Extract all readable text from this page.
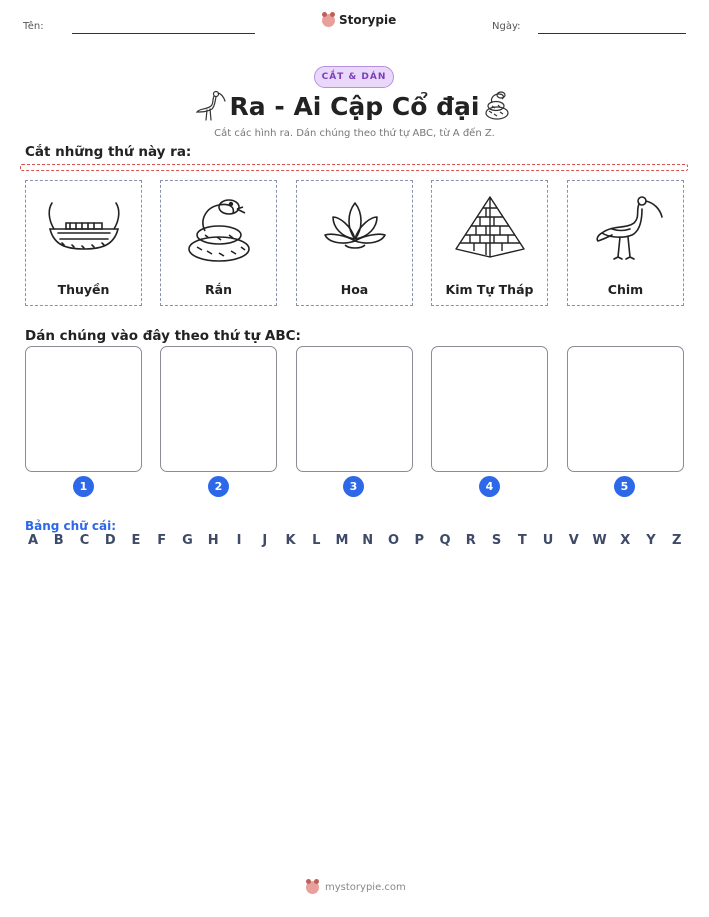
Tên:	Storypie	Ngày:
CẮT & DÁN
Ra - Ai Cập Cổ đại
Cắt các hình ra. Dán chúng theo thứ tự ABC, từ A đến Z.
Cắt những thứ này ra:
Thuyền	Rắn	Hoa	Kim Tự Tháp	Chim
Dán chúng vào đây theo thứ tự ABC:
1	2	3	4	5
Bảng chữ cái:
A B C D E F G H	I	J	K L M N O P Q R S T U V W X Y Z
mystorypie.com
